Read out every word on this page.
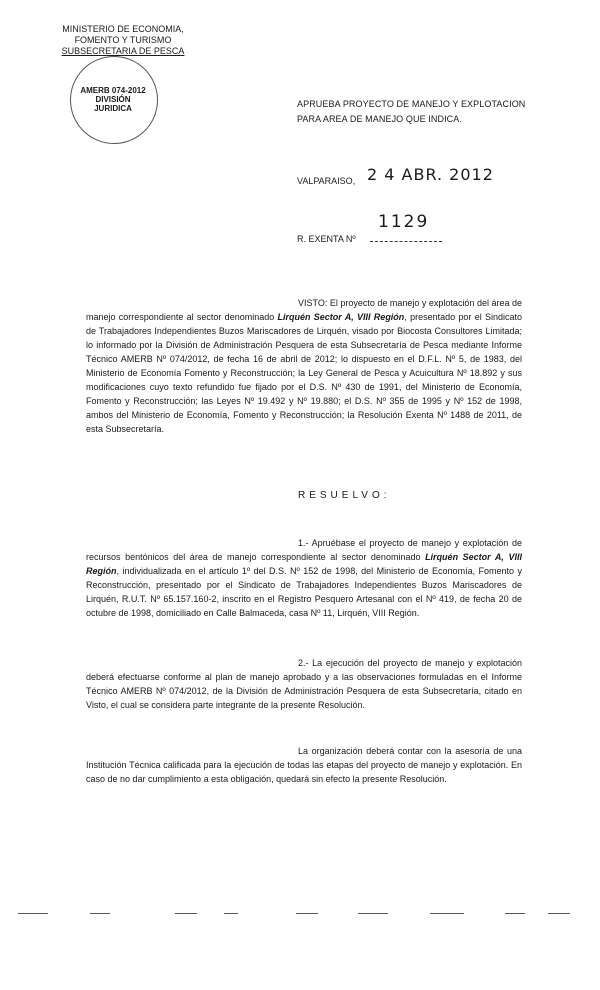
MINISTERIO DE ECONOMIA,
FOMENTO Y TURISMO
SUBSECRETARIA DE PESCA
AMERB 074-2012
DIVISIÓN
JURIDICA	APRUEBA PROYECTO DE MANEJO Y EXPLOTACION
PARA AREA DE MANEJO QUE INDICA.
VALPARAISO, 2 4 ABR. 2012
R. EXENTA Nº
1129
VISTO: El proyecto de manejo y explotación del área de manejo correspondiente al sector denominado Lirquén Sector A, VIII Región, presentado por el Sindicato de Trabajadores Independientes Buzos Mariscadores de Lirquén, visado por Biocosta Consultores Limitada; lo informado por la División de Administración Pesquera de esta Subsecretaría de Pesca mediante Informe Técnico AMERB Nº 074/2012, de fecha 16 de abril de 2012; lo dispuesto en el D.F.L. Nº 5, de 1983, del Ministerio de Economía Fomento y Reconstrucción; la Ley General de Pesca y Acuicultura Nº 18.892 y sus modificaciones cuyo texto refundido fue fijado por el D.S. Nº 430 de 1991, del Ministerio de Economía, Fomento y Reconstrucción; las Leyes Nº 19.492 y Nº 19.880; el D.S. Nº 355 de 1995 y Nº 152 de 1998, ambos del Ministerio de Economía, Fomento y Reconstrucción; la Resolución Exenta Nº 1488 de 2011, de esta Subsecretaría.
RESUELVO:
1.- Apruébase el proyecto de manejo y explotación de recursos bentónicos del área de manejo correspondiente al sector denominado Lirquén Sector A, VIII Región, individualizada en el artículo 1º del D.S. Nº 152 de 1998, del Ministerio de Economía, Fomento y Reconstrucción, presentado por el Sindicato de Trabajadores Independientes Buzos Mariscadores de Lirquén, R.U.T. Nº 65.157.160-2, inscrito en el Registro Pesquero Artesanal con el Nº 419, de fecha 20 de octubre de 1998, domiciliado en Calle Balmaceda, casa Nº 11, Lirquén, VIII Región.
2.- La ejecución del proyecto de manejo y explotación deberá efectuarse conforme al plan de manejo aprobado y a las observaciones formuladas en el Informe Técnico AMERB Nº 074/2012, de la División de Administración Pesquera de esta Subsecretaría, citado en Visto, el cual se considera parte integrante de la presente Resolución.
La organización deberá contar con la asesoría de una Institución Técnica calificada para la ejecución de todas las etapas del proyecto de manejo y explotación. En caso de no dar cumplimiento a esta obligación, quedará sin efecto la presente Resolución.
